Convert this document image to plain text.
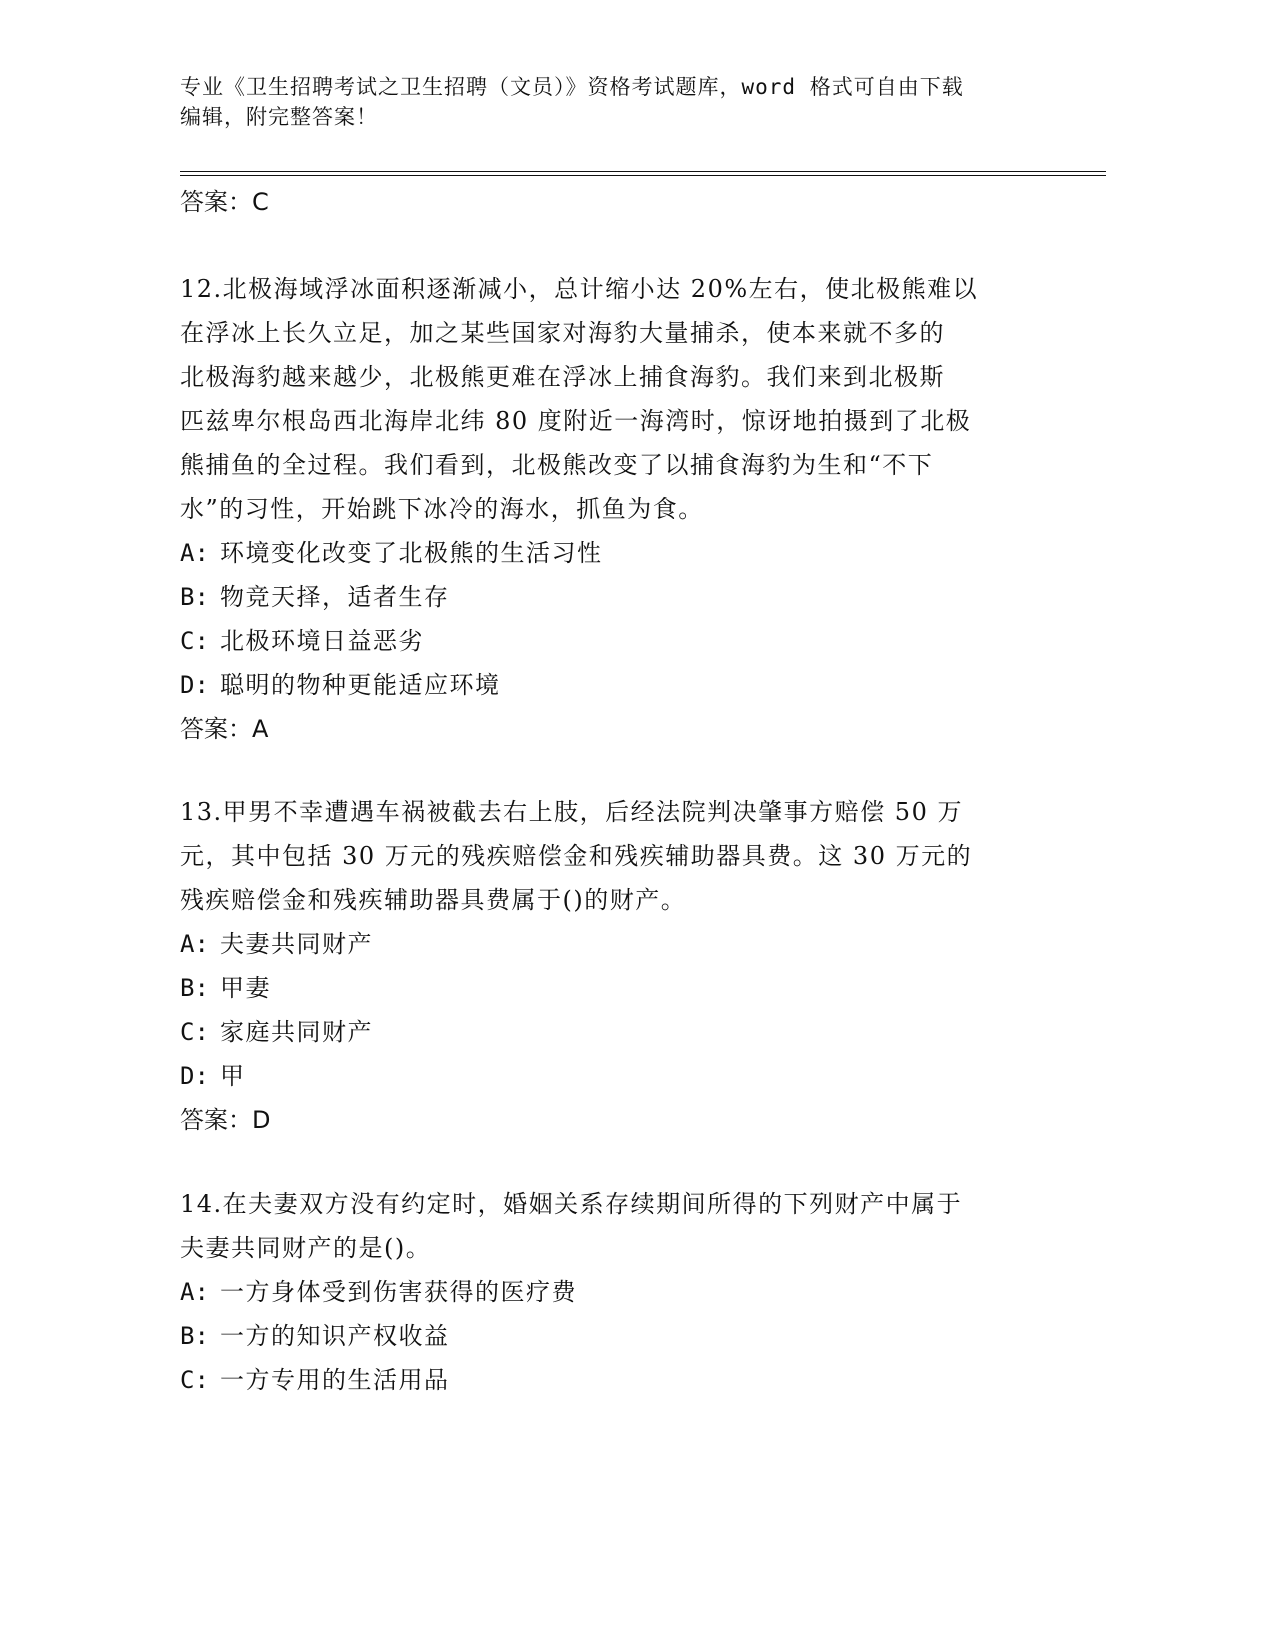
专业《卫生招聘考试之卫生招聘（文员）》资格考试题库，word 格式可自由下载
编辑，附完整答案！
答案：C
12.北极海域浮冰面积逐渐减小，总计缩小达 20%左右，使北极熊难以
在浮冰上长久立足，加之某些国家对海豹大量捕杀，使本来就不多的
北极海豹越来越少，北极熊更难在浮冰上捕食海豹。我们来到北极斯
匹兹卑尔根岛西北海岸北纬 80 度附近一海湾时，惊讶地拍摄到了北极
熊捕鱼的全过程。我们看到，北极熊改变了以捕食海豹为生和“不下
水”的习性，开始跳下冰冷的海水，抓鱼为食。
A: 环境变化改变了北极熊的生活习性
B: 物竞天择，适者生存
C: 北极环境日益恶劣
D: 聪明的物种更能适应环境
答案：A
13.甲男不幸遭遇车祸被截去右上肢，后经法院判决肇事方赔偿 50 万
元，其中包括 30 万元的残疾赔偿金和残疾辅助器具费。这 30 万元的
残疾赔偿金和残疾辅助器具费属于()的财产。
A: 夫妻共同财产
B: 甲妻
C: 家庭共同财产
D: 甲
答案：D
14.在夫妻双方没有约定时，婚姻关系存续期间所得的下列财产中属于
夫妻共同财产的是()。
A: 一方身体受到伤害获得的医疗费
B: 一方的知识产权收益
C: 一方专用的生活用品
